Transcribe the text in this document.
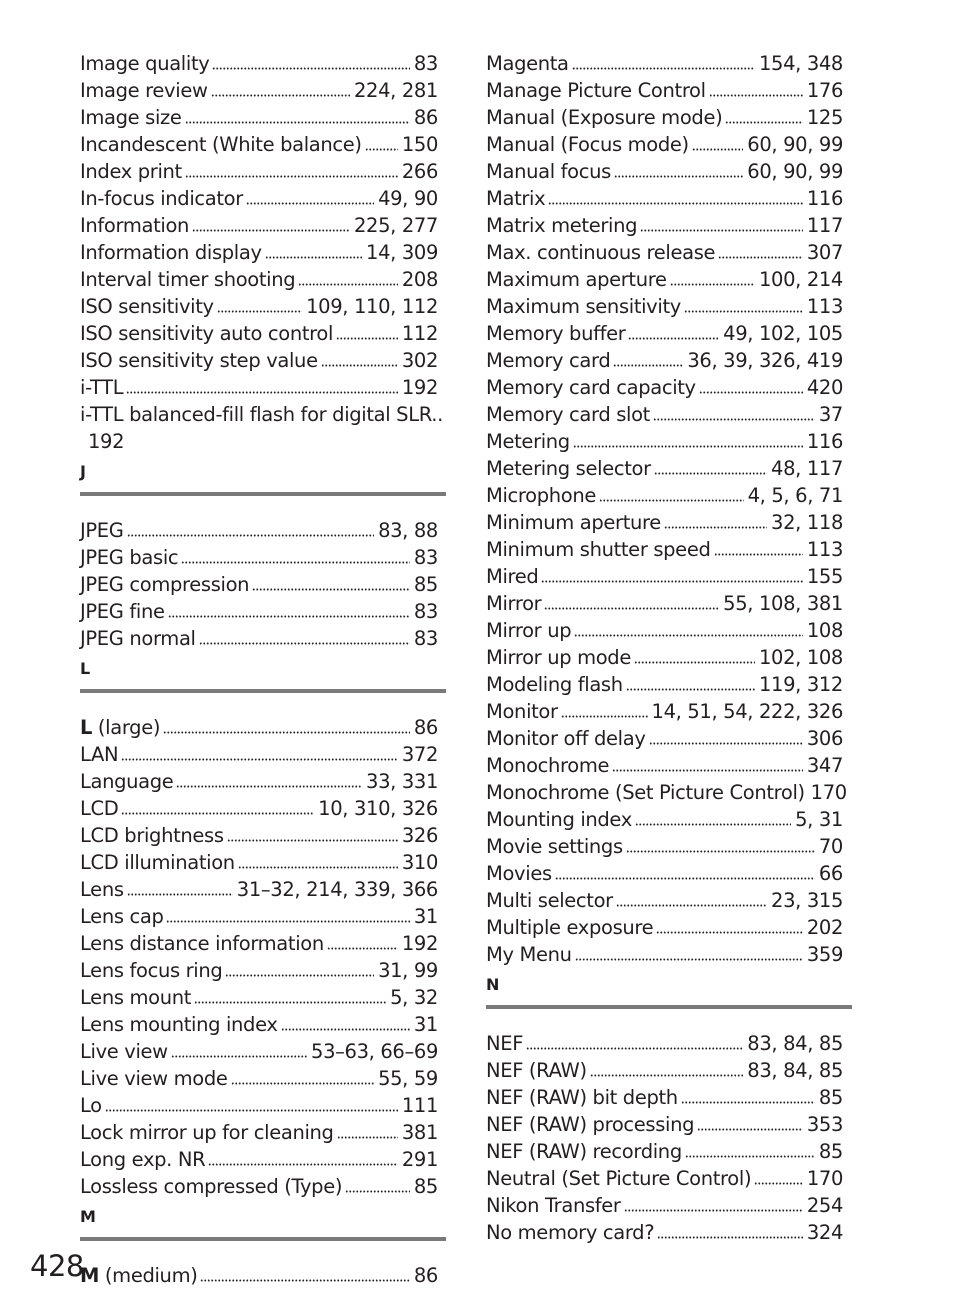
Image quality	83
Image review	224, 281
Image size	86
Incandescent (White balance) 150
Index print	266
In-focus indicator	49, 90
Information	225, 277
Information display	14, 309
Interval timer shooting	208
ISO sensitivity	109, 110, 112
ISO sensitivity auto control	112
ISO sensitivity step value	302
i-TTL	192
i-TTL balanced-fill flash for digital SLR..
192
J
JPEG	83, 88
JPEG basic	83
JPEG compression	85
JPEG fine	83
JPEG normal	83
L
L (large)	86
LAN	372
Language	33, 331
LCD	10, 310, 326
LCD brightness	326
LCD illumination	310
Lens	31–32, 214, 339, 366
Lens cap	31
Lens distance information	192
Lens focus ring	31, 99
Lens mount	5, 32
Lens mounting index	31
Live view	53–63, 66–69
Live view mode	55, 59
Lo	111
Lock mirror up for cleaning	381
Long exp. NR	291
Lossless compressed (Type)	85
M
M (medium)	86
Magenta	154, 348
Manage Picture Control	176
Manual (Exposure mode)	125
Manual (Focus mode)	60, 90, 99
Manual focus	60, 90, 99
Matrix	116
Matrix metering	117
Max. continuous release	307
Maximum aperture	100, 214
Maximum sensitivity	113
Memory buffer	49, 102, 105
Memory card	36, 39, 326, 419
Memory card capacity	420
Memory card slot	37
Metering	116
Metering selector	48, 117
Microphone	4, 5, 6, 71
Minimum aperture	32, 118
Minimum shutter speed	113
Mired	155
Mirror	55, 108, 381
Mirror up	108
Mirror up mode	102, 108
Modeling flash	119, 312
Monitor	14, 51, 54, 222, 326
Monitor off delay	306
Monochrome	347
Monochrome (Set Picture Control) 170
Mounting index	5, 31
Movie settings	70
Movies	66
Multi selector	23, 315
Multiple exposure	202
My Menu	359
N
NEF	83, 84, 85
NEF (RAW)	83, 84, 85
NEF (RAW) bit depth	85
NEF (RAW) processing	353
NEF (RAW) recording	85
Neutral (Set Picture Control)	170
Nikon Transfer	254
No memory card?	324
428
